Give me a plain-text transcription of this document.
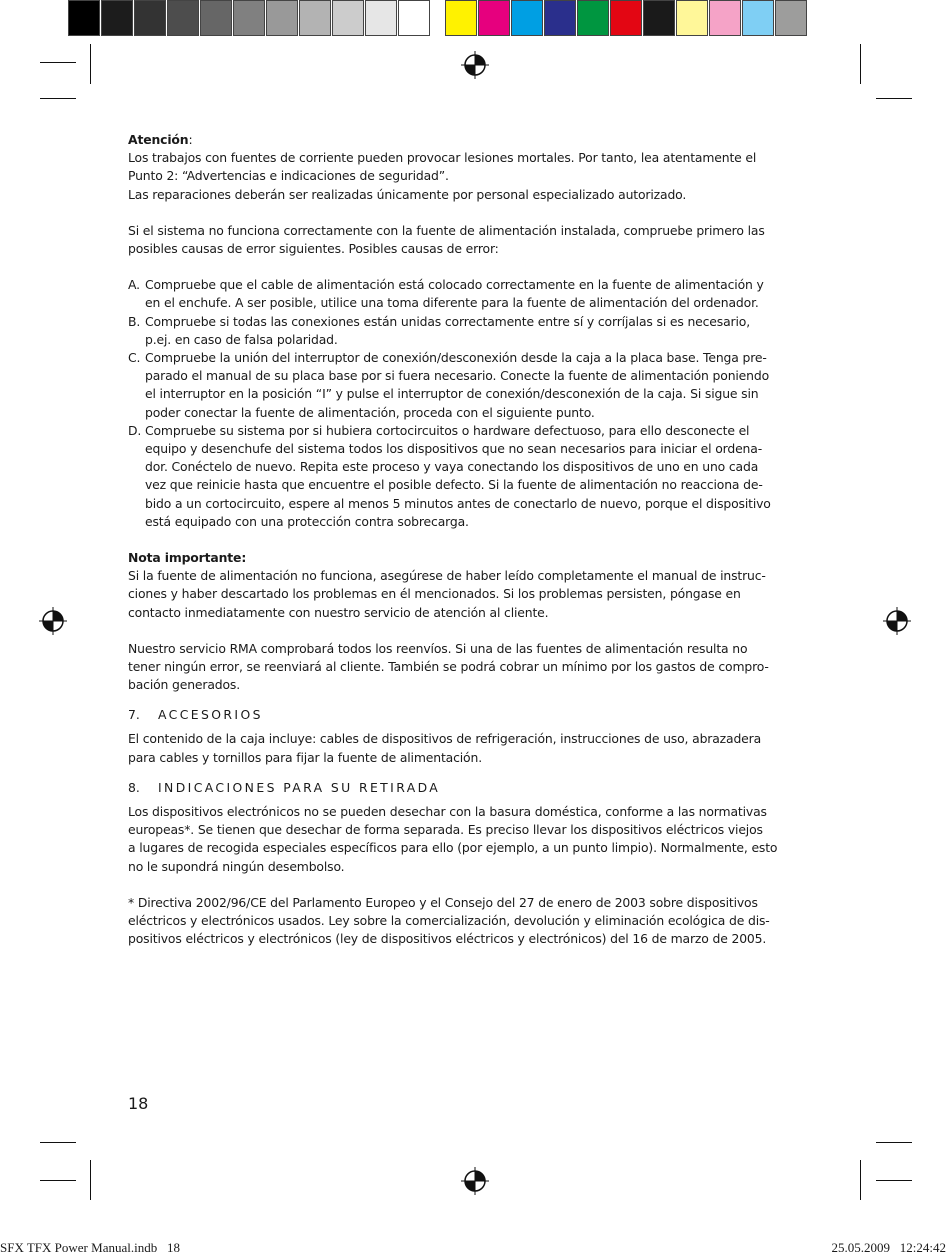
Atención:

Los trabajos con fuentes de corriente pueden provocar lesiones mortales. Por tanto, lea atentamente el

Punto 2: “Advertencias e indicaciones de seguridad”.

Las reparaciones deberán ser realizadas únicamente por personal especializado autorizado.

Si el sistema no funciona correctamente con la fuente de alimentación instalada, compruebe primero las

posibles causas de error siguientes. Posibles causas de error:

A. Compruebe que el cable de alimentación está colocado correctamente en la fuente de alimentación y

en el enchufe. A ser posible, utilice una toma diferente para la fuente de alimentación del ordenador.

B. Compruebe si todas las conexiones están unidas correctamente entre sí y corríjalas si es necesario,

p.ej. en caso de falsa polaridad.

C. Compruebe la unión del interruptor de conexión/desconexión desde la caja a la placa base. Tenga pre-

parado el manual de su placa base por si fuera necesario. Conecte la fuente de alimentación poniendo

el interruptor en la posición “I” y pulse el interruptor de conexión/desconexión de la caja. Si sigue sin

poder conectar la fuente de alimentación, proceda con el siguiente punto.

D. Compruebe su sistema por si hubiera cortocircuitos o hardware defectuoso, para ello desconecte el

equipo y desenchufe del sistema todos los dispositivos que no sean necesarios para iniciar el ordena-

dor. Conéctelo de nuevo. Repita este proceso y vaya conectando los dispositivos de uno en uno cada

vez que reinicie hasta que encuentre el posible defecto. Si la fuente de alimentación no reacciona de-

bido a un cortocircuito, espere al menos 5 minutos antes de conectarlo de nuevo, porque el dispositivo

está equipado con una protección contra sobrecarga.

Nota importante:

Si la fuente de alimentación no funciona, asegúrese de haber leído completamente el manual de instruc-

ciones y haber descartado los problemas en él mencionados. Si los problemas persisten, póngase en

contacto inmediatamente con nuestro servicio de atención al cliente.

Nuestro servicio RMA comprobará todos los reenvíos. Si una de las fuentes de alimentación resulta no

tener ningún error, se reenviará al cliente. También se podrá cobrar un mínimo por los gastos de compro-

bación generados.

7. ACCESORIOS

El contenido de la caja incluye: cables de dispositivos de refrigeración, instrucciones de uso, abrazadera

para cables y tornillos para fijar la fuente de alimentación.

8. INDICACIONES PARA SU RETIRADA

Los dispositivos electrónicos no se pueden desechar con la basura doméstica, conforme a las normativas

europeas*. Se tienen que desechar de forma separada. Es preciso llevar los dispositivos eléctricos viejos

a lugares de recogida especiales específicos para ello (por ejemplo, a un punto limpio). Normalmente, esto

no le supondrá ningún desembolso.

* Directiva 2002/96/CE del Parlamento Europeo y el Consejo del 27 de enero de 2003 sobre dispositivos

eléctricos y electrónicos usados. Ley sobre la comercialización, devolución y eliminación ecológica de dis-

positivos eléctricos y electrónicos (ley de dispositivos eléctricos y electrónicos) del 16 de marzo de 2005.

18
SFX TFX Power Manual.indb   18	25.05.2009   12:24:42
